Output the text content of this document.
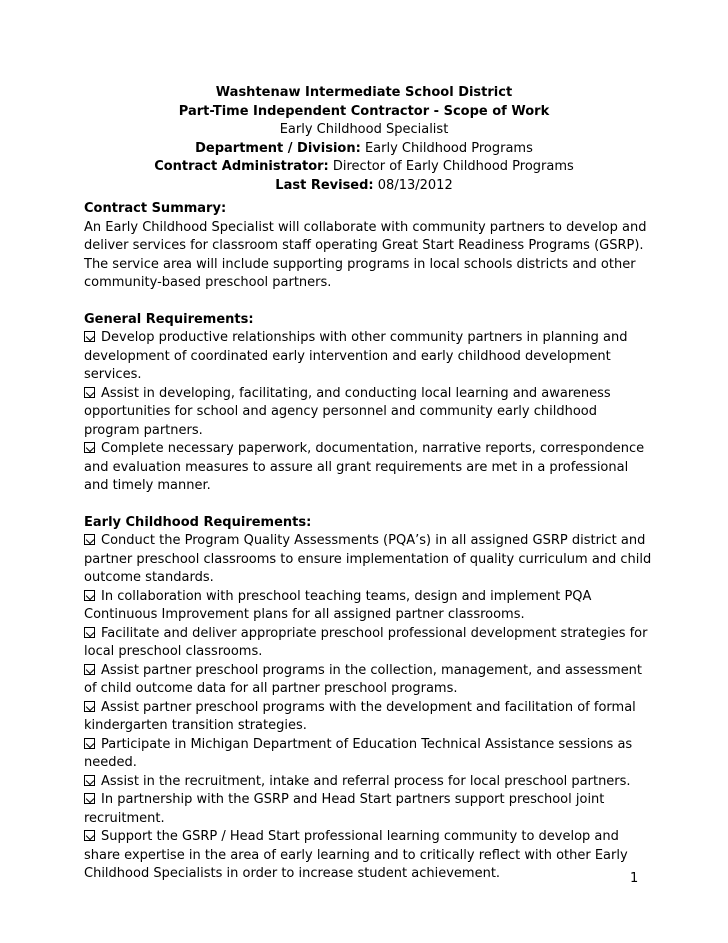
Washtenaw Intermediate School District
Part-Time Independent Contractor - Scope of Work
Early Childhood Specialist
Department / Division: Early Childhood Programs
Contract Administrator: Director of Early Childhood Programs
Last Revised: 08/13/2012

Contract Summary:

An Early Childhood Specialist will collaborate with community partners to develop and deliver services for classroom staff operating Great Start Readiness Programs (GSRP). The service area will include supporting programs in local schools districts and other community-based preschool partners.

General Requirements:

Develop productive relationships with other community partners in planning and development of coordinated early intervention and early childhood development services.

Assist in developing, facilitating, and conducting local learning and awareness opportunities for school and agency personnel and community early childhood program partners.

Complete necessary paperwork, documentation, narrative reports, correspondence and evaluation measures to assure all grant requirements are met in a professional and timely manner.

Early Childhood Requirements:

Conduct the Program Quality Assessments (PQA’s) in all assigned GSRP district and partner preschool classrooms to ensure implementation of quality curriculum and child outcome standards.

In collaboration with preschool teaching teams, design and implement PQA Continuous Improvement plans for all assigned partner classrooms.

Facilitate and deliver appropriate preschool professional development strategies for local preschool classrooms.

Assist partner preschool programs in the collection, management, and assessment of child outcome data for all partner preschool programs.

Assist partner preschool programs with the development and facilitation of formal kindergarten transition strategies.

Participate in Michigan Department of Education Technical Assistance sessions as needed.

Assist in the recruitment, intake and referral process for local preschool partners.

In partnership with the GSRP and Head Start partners support preschool joint recruitment.

Support the GSRP / Head Start professional learning community to develop and share expertise in the area of early learning and to critically reflect with other Early Childhood Specialists in order to increase student achievement.	1
